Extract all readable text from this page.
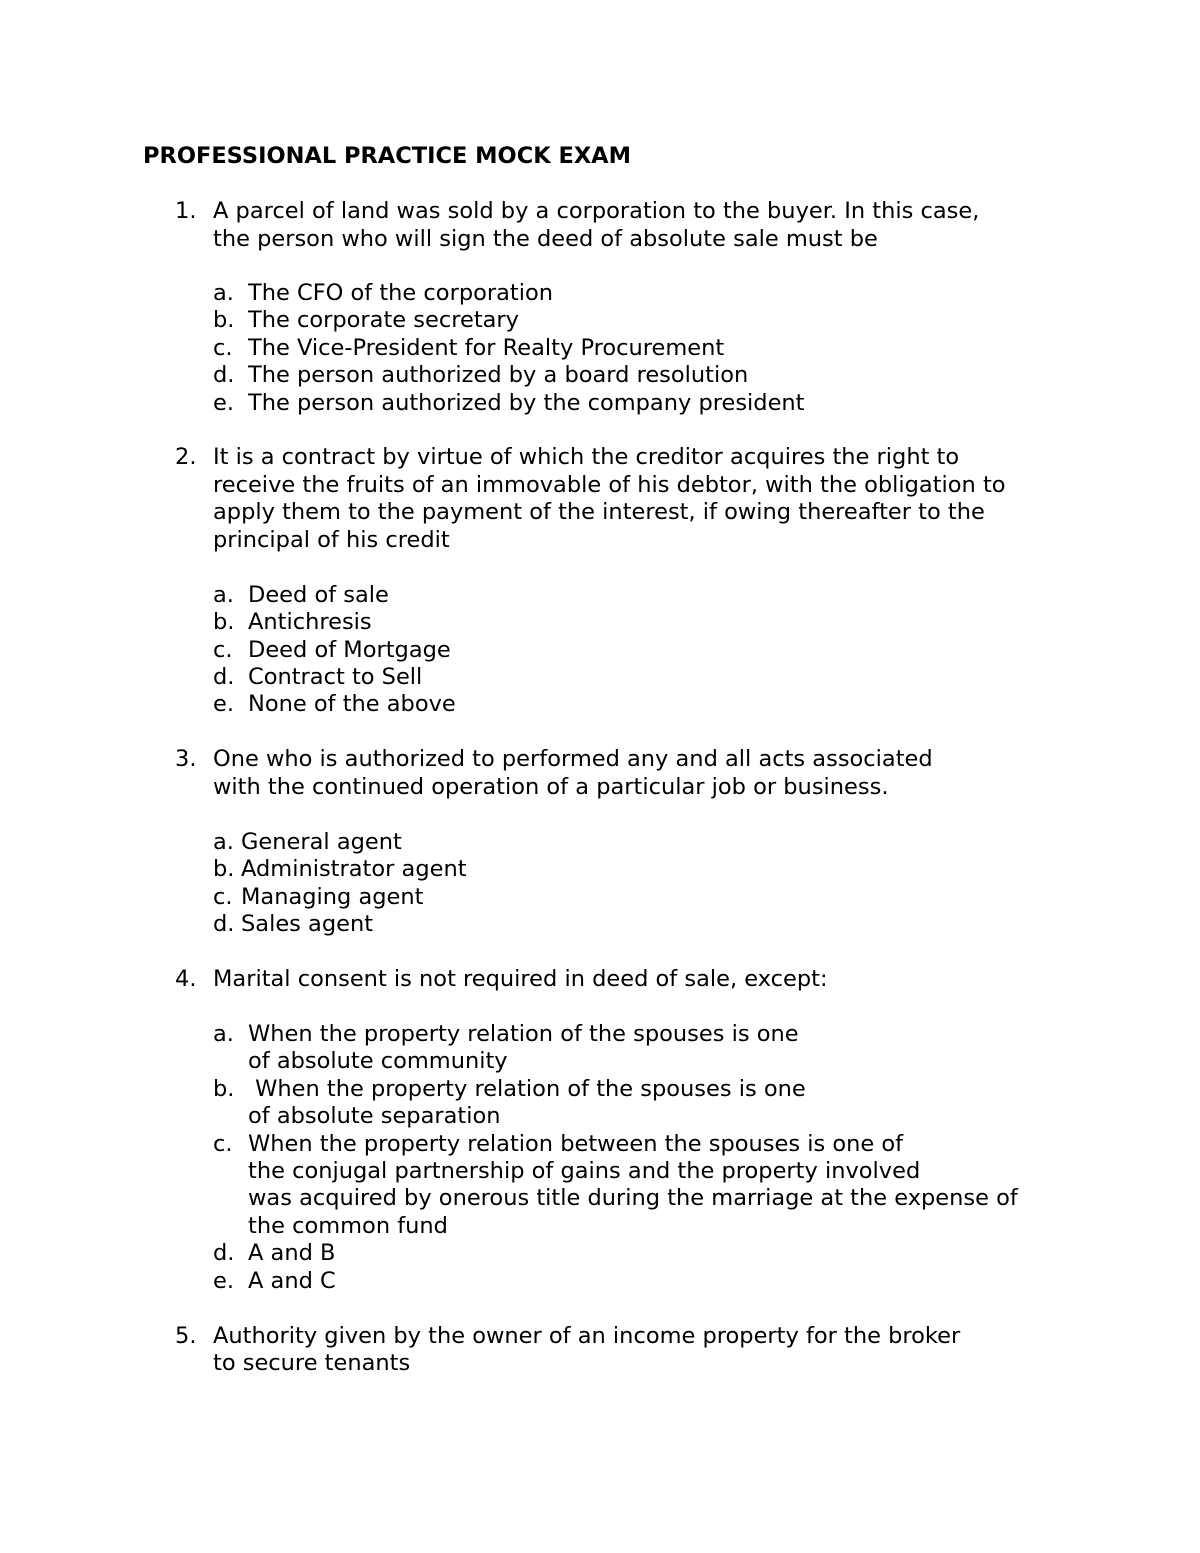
PROFESSIONAL PRACTICE MOCK EXAM
1. A parcel of land was sold by a corporation to the buyer. In this case,
the person who will sign the deed of absolute sale must be
a. The CFO of the corporation
b. The corporate secretary
c. The Vice-President for Realty Procurement
d. The person authorized by a board resolution
e. The person authorized by the company president
2. It is a contract by virtue of which the creditor acquires the right to
receive the fruits of an immovable of his debtor, with the obligation to
apply them to the payment of the interest, if owing thereafter to the
principal of his credit
a. Deed of sale
b. Antichresis
c. Deed of Mortgage
d. Contract to Sell
e. None of the above
3. One who is authorized to performed any and all acts associated
with the continued operation of a particular job or business.
a. General agent
b. Administrator agent
c. Managing agent
d. Sales agent
4. Marital consent is not required in deed of sale, except:
a. When the property relation of the spouses is one
of absolute community
b. When the property relation of the spouses is one
of absolute separation
c. When the property relation between the spouses is one of
the conjugal partnership of gains and the property involved
was acquired by onerous title during the marriage at the expense of
the common fund
d. A and B
e. A and C
5. Authority given by the owner of an income property for the broker
to secure tenants
